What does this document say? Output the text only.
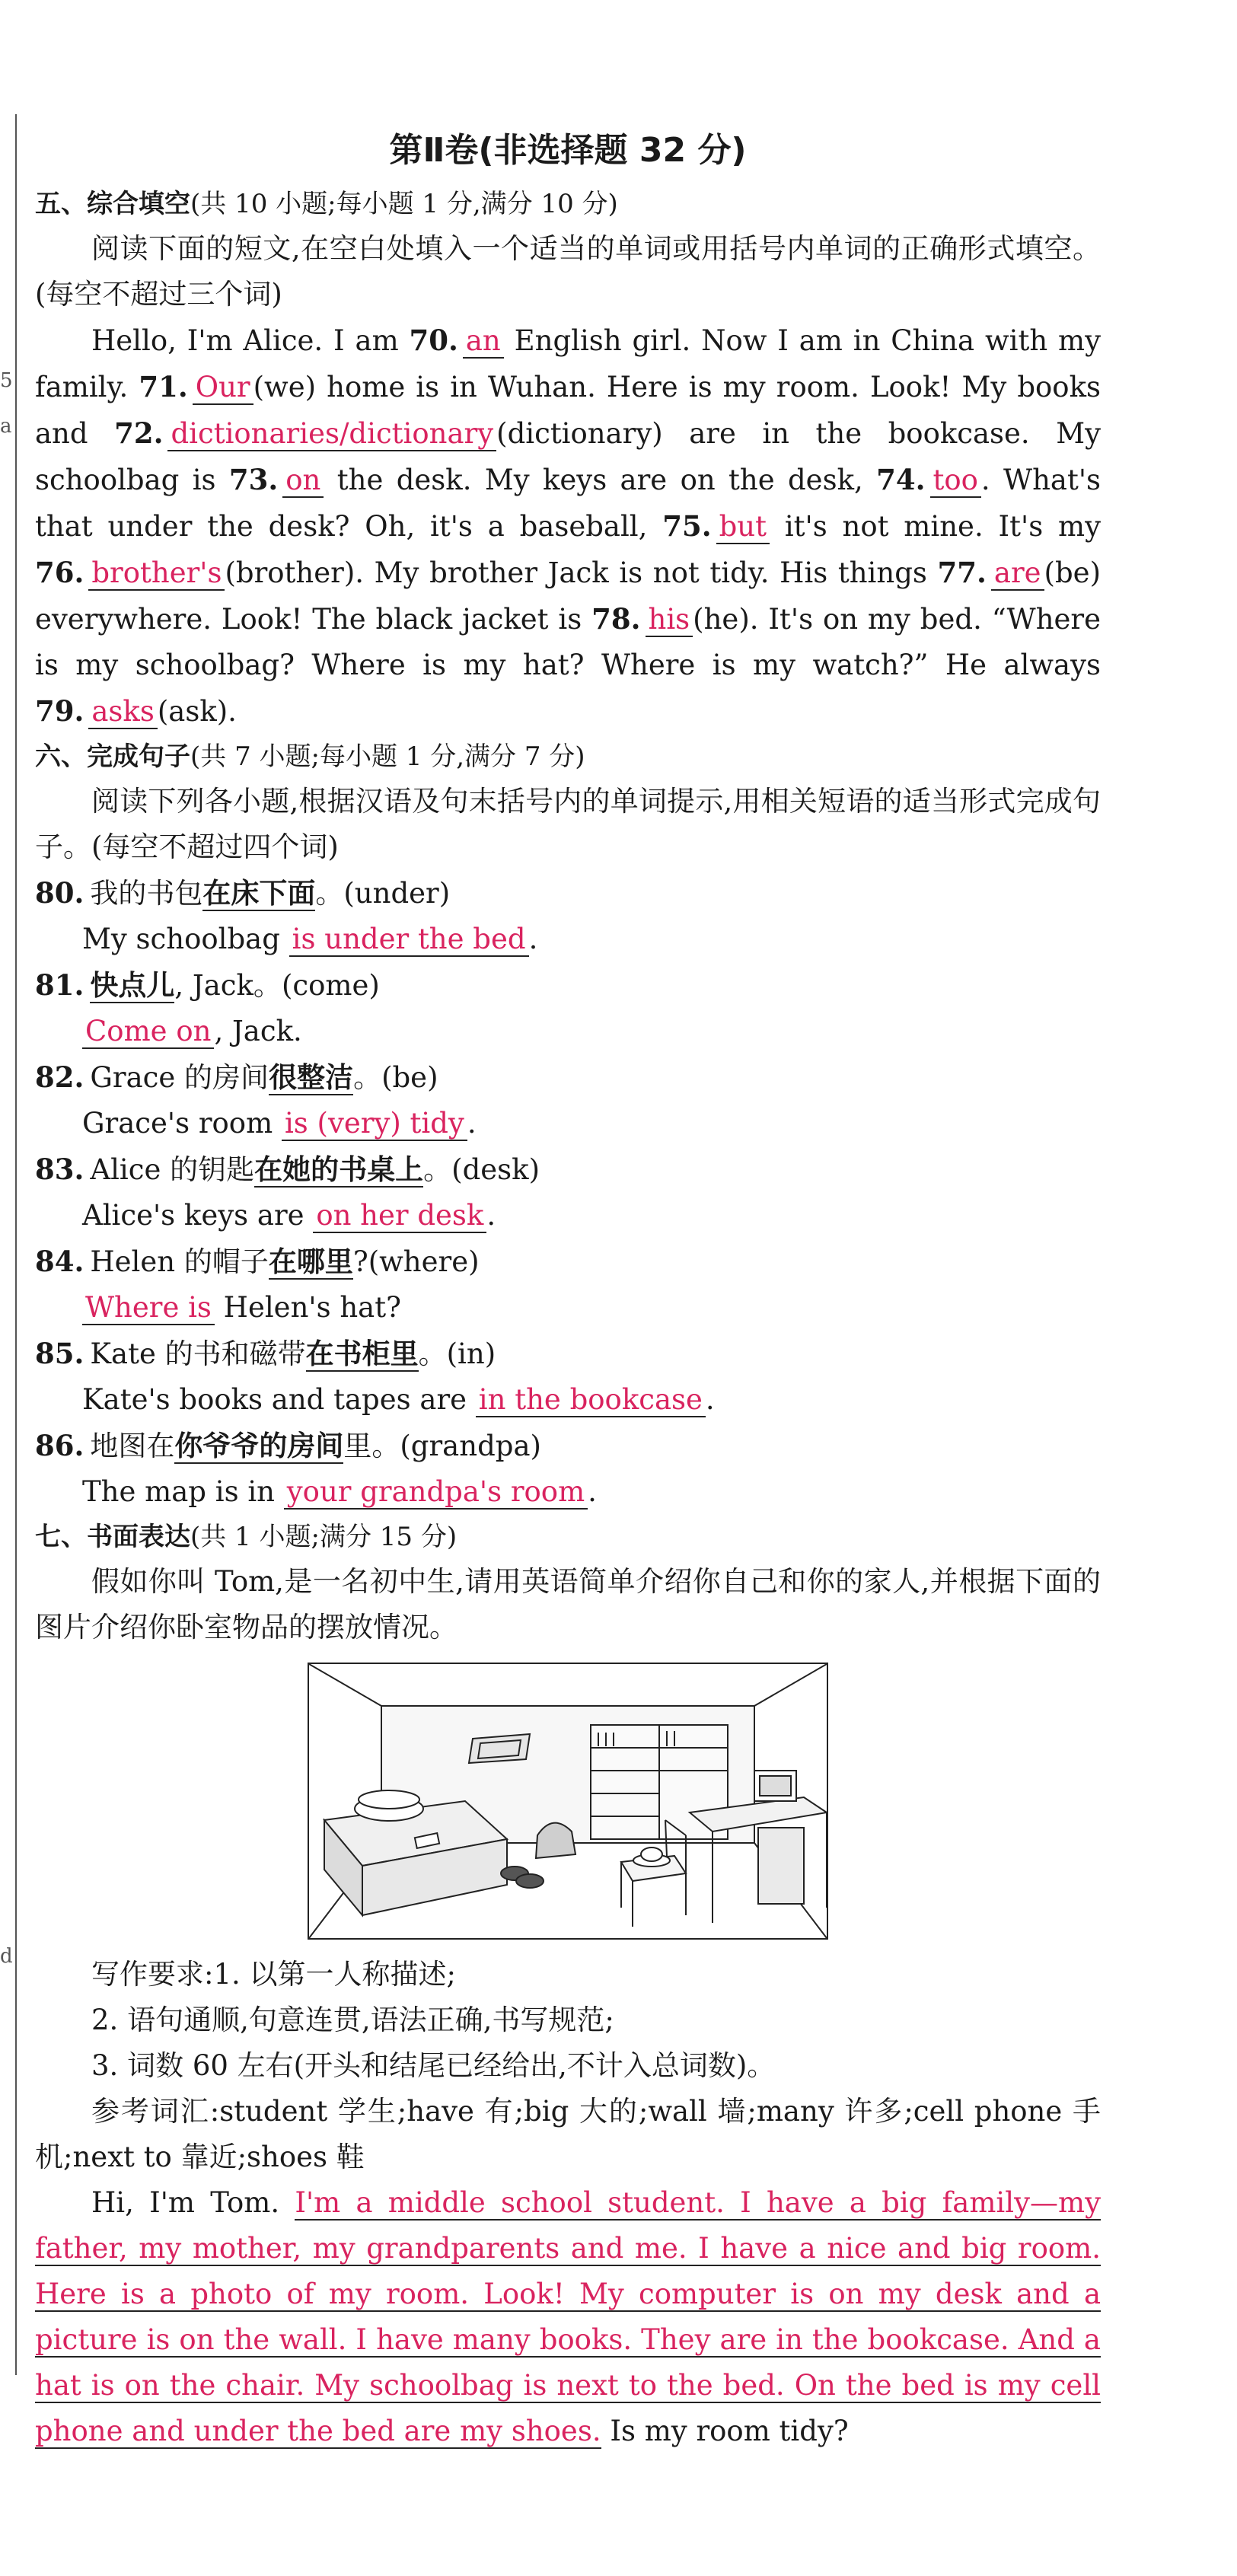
5
a
d
第Ⅱ卷(非选择题 32 分)
五、综合填空(共 10 小题;每小题 1 分,满分 10 分)

阅读下面的短文,在空白处填入一个适当的单词或用括号内单词的正确形式填空。(每空不超过三个词)

Hello, I'm Alice. I am 70. an English girl. Now I am in China with my family. 71. Our (we) home is in Wuhan. Here is my room. Look! My books and 72. dictionaries/dictionary (dictionary) are in the bookcase. My schoolbag is 73. on the desk. My keys are on the desk, 74. too . What's that under the desk? Oh, it's a baseball, 75. but it's not mine. It's my 76. brother's (brother). My brother Jack is not tidy. His things 77. are (be) everywhere. Look! The black jacket is 78. his (he). It's on my bed. “Where is my schoolbag? Where is my hat? Where is my watch?” He always 79. asks (ask).

六、完成句子(共 7 小题;每小题 1 分,满分 7 分)

阅读下列各小题,根据汉语及句末括号内的单词提示,用相关短语的适当形式完成句子。(每空不超过四个词)

80. 我的书包在床下面。(under)

My schoolbag is under the bed .

81. 快点儿, Jack。(come)

Come on , Jack.

82. Grace 的房间很整洁。(be)

Grace's room is (very) tidy .

83. Alice 的钥匙在她的书桌上。(desk)

Alice's keys are on her desk .

84. Helen 的帽子在哪里?(where)

Where is Helen's hat?

85. Kate 的书和磁带在书柜里。(in)

Kate's books and tapes are in the bookcase .

86. 地图在你爷爷的房间里。(grandpa)

The map is in your grandpa's room .

七、书面表达(共 1 小题;满分 15 分)

假如你叫 Tom,是一名初中生,请用英语简单介绍你自己和你的家人,并根据下面的图片介绍你卧室物品的摆放情况。

写作要求:1. 以第一人称描述;

2. 语句通顺,句意连贯,语法正确,书写规范;

3. 词数 60 左右(开头和结尾已经给出,不计入总词数)。

参考词汇:student 学生;have 有;big 大的;wall 墙;many 许多;cell phone 手机;next to 靠近;shoes 鞋

Hi, I'm Tom. I'm a middle school student. I have a big family—my father, my mother, my grandparents and me. I have a nice and big room. Here is a photo of my room. Look! My computer is on my desk and a picture is on the wall. I have many books. They are in the bookcase. And a hat is on the chair. My schoolbag is next to the bed. On the bed is my cell phone and under the bed are my shoes. Is my room tidy?
